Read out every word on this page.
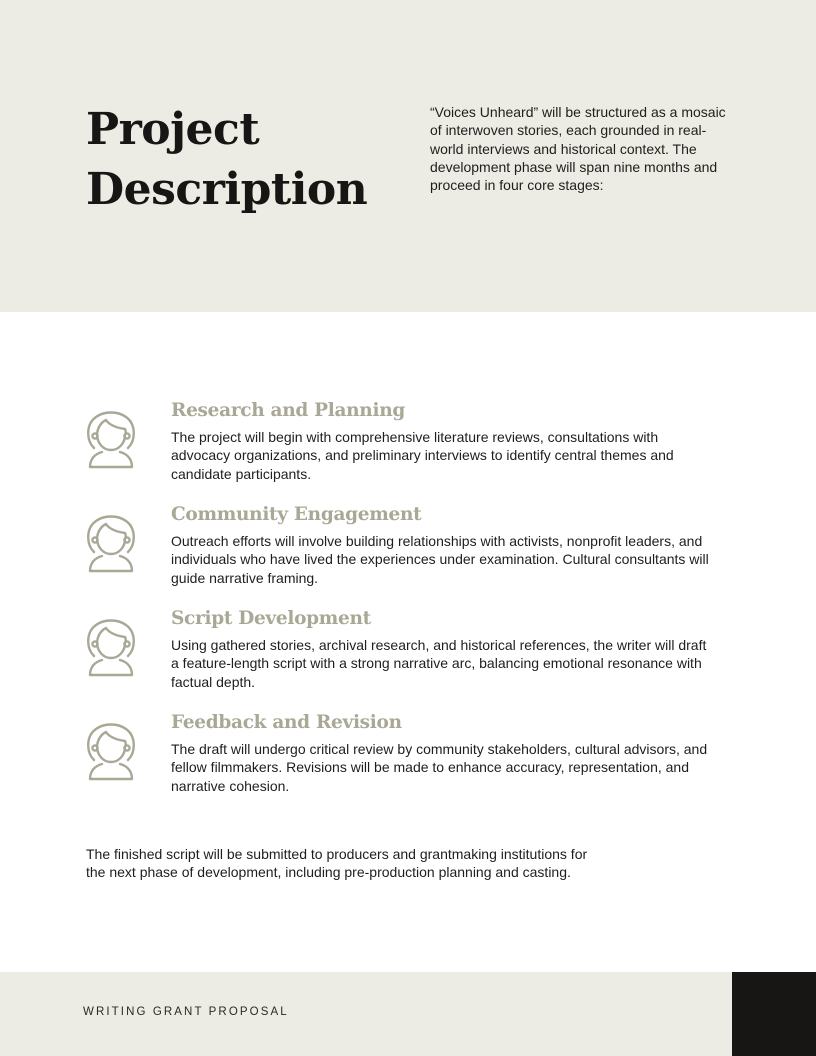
Project Description

“Voices Unheard” will be structured as a mosaic of interwoven stories, each grounded in real-world interviews and historical context. The development phase will span nine months and proceed in four core stages:

Research and Planning

The project will begin with comprehensive literature reviews, consultations with advocacy organizations, and preliminary interviews to identify central themes and candidate participants.

Community Engagement

Outreach efforts will involve building relationships with activists, nonprofit leaders, and individuals who have lived the experiences under examination. Cultural consultants will guide narrative framing.

Script Development

Using gathered stories, archival research, and historical references, the writer will draft a feature-length script with a strong narrative arc, balancing emotional resonance with factual depth.

Feedback and Revision

The draft will undergo critical review by community stakeholders, cultural advisors, and fellow filmmakers. Revisions will be made to enhance accuracy, representation, and narrative cohesion.

The finished script will be submitted to producers and grantmaking institutions for the next phase of development, including pre-production planning and casting.

WRITING GRANT PROPOSAL
